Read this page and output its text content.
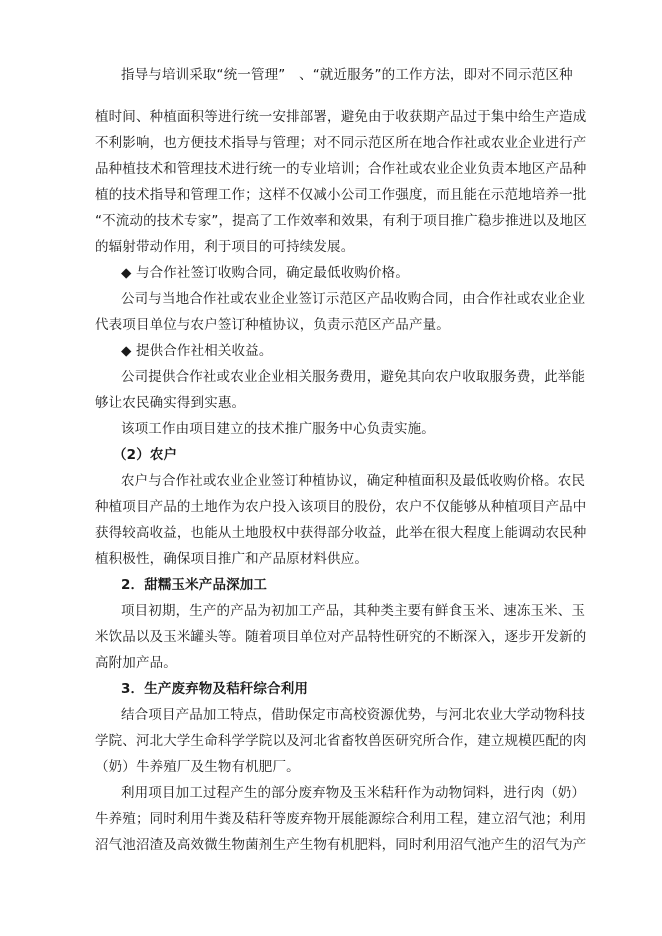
指导与培训采取“统一管理”　、“就近服务”的工作方法，即对不同示范区种
植时间、种植面积等进行统一安排部署，避免由于收获期产品过于集中给生产造成
不利影响，也方便技术指导与管理；对不同示范区所在地合作社或农业企业进行产
品种植技术和管理技术进行统一的专业培训；合作社或农业企业负责本地区产品种
植的技术指导和管理工作；这样不仅减小公司工作强度，而且能在示范地培养一批
“不流动的技术专家”，提高了工作效率和效果，有利于项目推广稳步推进以及地区
的辐射带动作用，利于项目的可持续发展。
◆ 与合作社签订收购合同，确定最低收购价格。
公司与当地合作社或农业企业签订示范区产品收购合同，由合作社或农业企业
代表项目单位与农户签订种植协议，负责示范区产品产量。
◆ 提供合作社相关收益。
公司提供合作社或农业企业相关服务费用，避免其向农户收取服务费，此举能
够让农民确实得到实惠。
该项工作由项目建立的技术推广服务中心负责实施。
（2）农户
农户与合作社或农业企业签订种植协议，确定种植面积及最低收购价格。农民
种植项目产品的土地作为农户投入该项目的股份，农户不仅能够从种植项目产品中
获得较高收益，也能从土地股权中获得部分收益，此举在很大程度上能调动农民种
植积极性，确保项目推广和产品原材料供应。
2．甜糯玉米产品深加工
项目初期，生产的产品为初加工产品，其种类主要有鲜食玉米、速冻玉米、玉
米饮品以及玉米罐头等。随着项目单位对产品特性研究的不断深入，逐步开发新的
高附加产品。
3．生产废弃物及秸秆综合利用
结合项目产品加工特点，借助保定市高校资源优势，与河北农业大学动物科技
学院、河北大学生命科学学院以及河北省畜牧兽医研究所合作，建立规模匹配的肉
（奶）牛养殖厂及生物有机肥厂。
利用项目加工过程产生的部分废弃物及玉米秸秆作为动物饲料，进行肉（奶）
牛养殖；同时利用牛粪及秸秆等废弃物开展能源综合利用工程，建立沼气池；利用
沼气池沼渣及高效微生物菌剂生产生物有机肥料，同时利用沼气池产生的沼气为产
